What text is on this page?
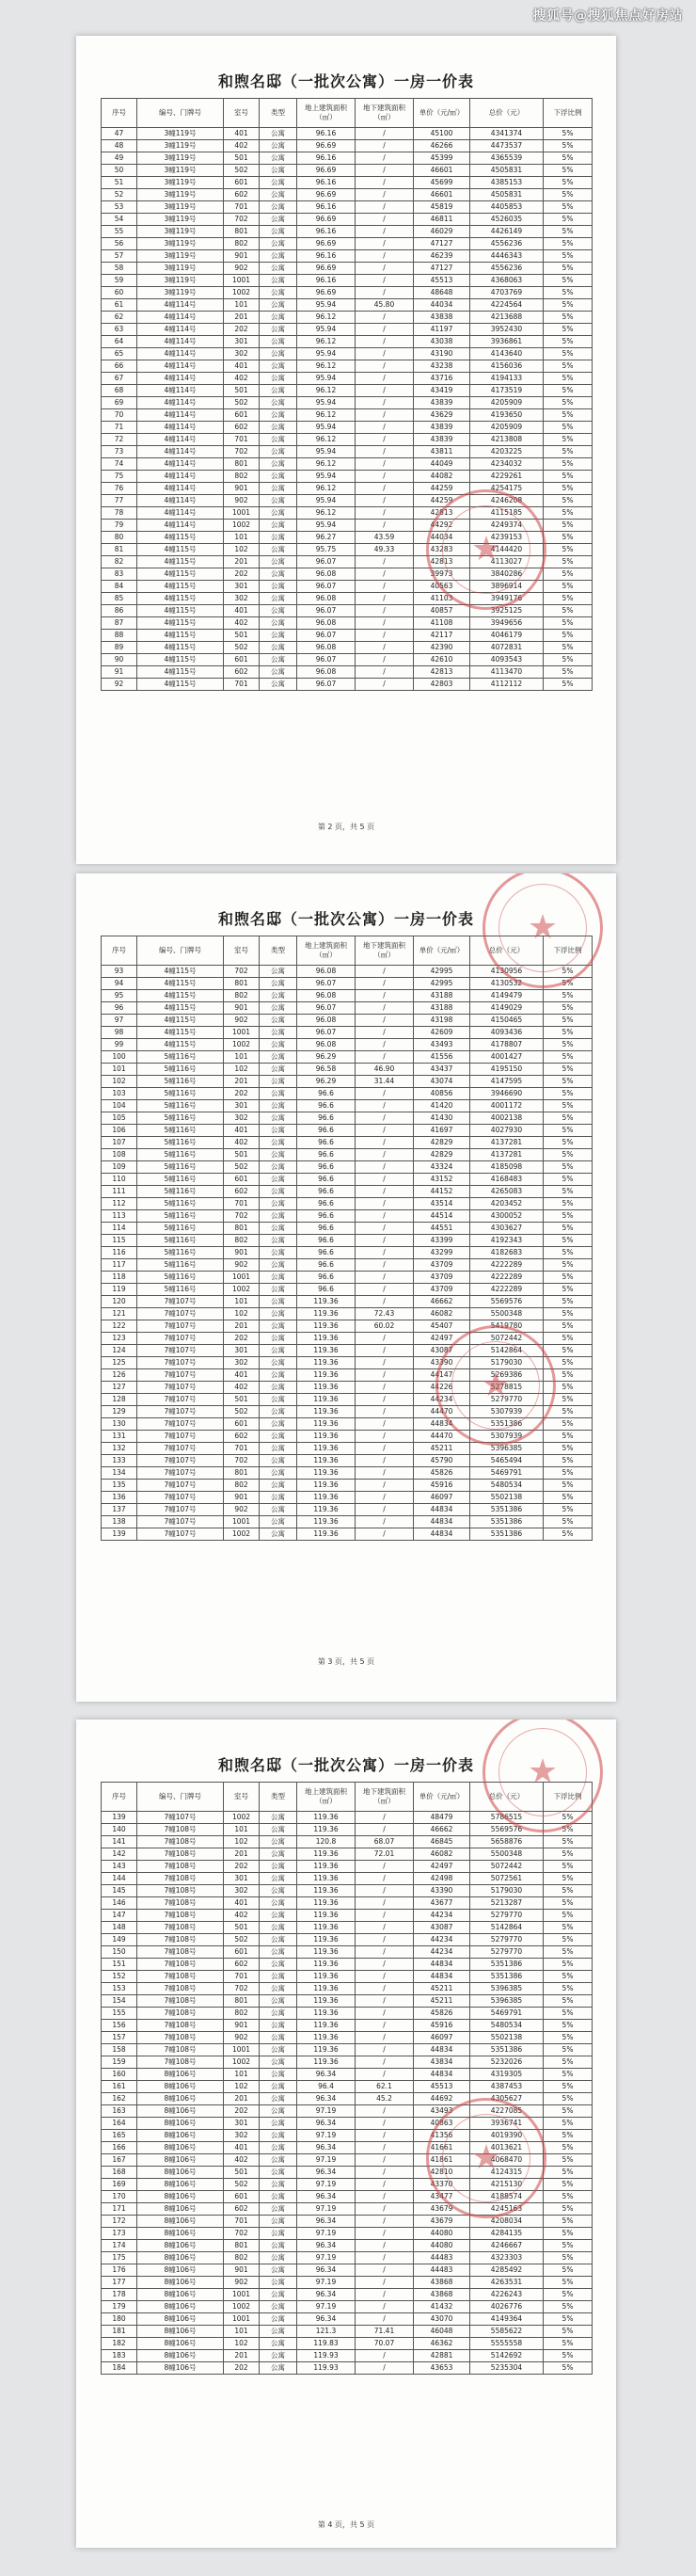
搜狐号@搜狐焦点好房站
和煦名邸（一批次公寓）一房一价表
序号	编号、门牌号	室号	类型	地上建筑面积（㎡）	地下建筑面积（㎡）	单价（元/㎡）	总价（元）	下浮比例
47	3幢119号	401	公寓	96.16	/	45100	4341374	5%
48	3幢119号	402	公寓	96.69	/	46266	4473537	5%
49	3幢119号	501	公寓	96.16	/	45399	4365539	5%
50	3幢119号	502	公寓	96.69	/	46601	4505831	5%
51	3幢119号	601	公寓	96.16	/	45699	4385153	5%
52	3幢119号	602	公寓	96.69	/	46601	4505831	5%
53	3幢119号	701	公寓	96.16	/	45819	4405853	5%
54	3幢119号	702	公寓	96.69	/	46811	4526035	5%
55	3幢119号	801	公寓	96.16	/	46029	4426149	5%
56	3幢119号	802	公寓	96.69	/	47127	4556236	5%
57	3幢119号	901	公寓	96.16	/	46239	4446343	5%
58	3幢119号	902	公寓	96.69	/	47127	4556236	5%
59	3幢119号	1001	公寓	96.16	/	45513	4368063	5%
60	3幢119号	1002	公寓	96.69	/	48648	4703769	5%
61	4幢114号	101	公寓	95.94	45.80	44034	4224564	5%
62	4幢114号	201	公寓	96.12	/	43838	4213688	5%
63	4幢114号	202	公寓	95.94	/	41197	3952430	5%
64	4幢114号	301	公寓	96.12	/	43038	3936861	5%
65	4幢114号	302	公寓	95.94	/	43190	4143640	5%
66	4幢114号	401	公寓	96.12	/	43238	4156036	5%
67	4幢114号	402	公寓	95.94	/	43716	4194133	5%
68	4幢114号	501	公寓	96.12	/	43419	4173519	5%
69	4幢114号	502	公寓	95.94	/	43839	4205909	5%
70	4幢114号	601	公寓	96.12	/	43629	4193650	5%
71	4幢114号	602	公寓	95.94	/	43839	4205909	5%
72	4幢114号	701	公寓	96.12	/	43839	4213808	5%
73	4幢114号	702	公寓	95.94	/	43811	4203225	5%
74	4幢114号	801	公寓	96.12	/	44049	4234032	5%
75	4幢114号	802	公寓	95.94	/	44082	4229261	5%
76	4幢114号	901	公寓	96.12	/	44259	4254175	5%
77	4幢114号	902	公寓	95.94	/	44259	4246208	5%
78	4幢114号	1001	公寓	96.12	/	42813	4115185	5%
79	4幢114号	1002	公寓	95.94	/	44292	4249374	5%
80	4幢115号	101	公寓	96.27	43.59	44034	4239153	5%
81	4幢115号	102	公寓	95.75	49.33	43283	4144420	5%
82	4幢115号	201	公寓	96.07	/	42813	4113027	5%
83	4幢115号	202	公寓	96.08	/	39973	3840286	5%
84	4幢115号	301	公寓	96.07	/	40563	3896914	5%
85	4幢115号	302	公寓	96.08	/	41103	3949176	5%
86	4幢115号	401	公寓	96.07	/	40857	3925125	5%
87	4幢115号	402	公寓	96.08	/	41108	3949656	5%
88	4幢115号	501	公寓	96.07	/	42117	4046179	5%
89	4幢115号	502	公寓	96.08	/	42390	4072831	5%
90	4幢115号	601	公寓	96.07	/	42610	4093543	5%
91	4幢115号	602	公寓	96.08	/	42813	4113470	5%
92	4幢115号	701	公寓	96.07	/	42803	4112112	5%
★
第 2 页，共 5 页
和煦名邸（一批次公寓）一房一价表
序号	编号、门牌号	室号	类型	地上建筑面积（㎡）	地下建筑面积（㎡）	单价（元/㎡）	总价（元）	下浮比例
93	4幢115号	702	公寓	96.08	/	42995	4130956	5%
94	4幢115号	801	公寓	96.07	/	42995	4130532	5%
95	4幢115号	802	公寓	96.08	/	43188	4149479	5%
96	4幢115号	901	公寓	96.07	/	43188	4149029	5%
97	4幢115号	902	公寓	96.08	/	43198	4150465	5%
98	4幢115号	1001	公寓	96.07	/	42609	4093436	5%
99	4幢115号	1002	公寓	96.08	/	43493	4178807	5%
100	5幢116号	101	公寓	96.29	/	41556	4001427	5%
101	5幢116号	102	公寓	96.58	46.90	43437	4195150	5%
102	5幢116号	201	公寓	96.29	31.44	43074	4147595	5%
103	5幢116号	202	公寓	96.6	/	40856	3946690	5%
104	5幢116号	301	公寓	96.6	/	41420	4001172	5%
105	5幢116号	302	公寓	96.6	/	41430	4002138	5%
106	5幢116号	401	公寓	96.6	/	41697	4027930	5%
107	5幢116号	402	公寓	96.6	/	42829	4137281	5%
108	5幢116号	501	公寓	96.6	/	42829	4137281	5%
109	5幢116号	502	公寓	96.6	/	43324	4185098	5%
110	5幢116号	601	公寓	96.6	/	43152	4168483	5%
111	5幢116号	602	公寓	96.6	/	44152	4265083	5%
112	5幢116号	701	公寓	96.6	/	43514	4203452	5%
113	5幢116号	702	公寓	96.6	/	44514	4300052	5%
114	5幢116号	801	公寓	96.6	/	44551	4303627	5%
115	5幢116号	802	公寓	96.6	/	43399	4192343	5%
116	5幢116号	901	公寓	96.6	/	43299	4182683	5%
117	5幢116号	902	公寓	96.6	/	43709	4222289	5%
118	5幢116号	1001	公寓	96.6	/	43709	4222289	5%
119	5幢116号	1002	公寓	96.6	/	43709	4222289	5%
120	7幢107号	101	公寓	119.36	/	46662	5569576	5%
121	7幢107号	102	公寓	119.36	72.43	46082	5500348	5%
122	7幢107号	201	公寓	119.36	60.02	45407	5419780	5%
123	7幢107号	202	公寓	119.36	/	42497	5072442	5%
124	7幢107号	301	公寓	119.36	/	43087	5142864	5%
125	7幢107号	302	公寓	119.36	/	43390	5179030	5%
126	7幢107号	401	公寓	119.36	/	44147	5269386	5%
127	7幢107号	402	公寓	119.36	/	44226	5278815	5%
128	7幢107号	501	公寓	119.36	/	44234	5279770	5%
129	7幢107号	502	公寓	119.36	/	44470	5307939	5%
130	7幢107号	601	公寓	119.36	/	44834	5351386	5%
131	7幢107号	602	公寓	119.36	/	44470	5307939	5%
132	7幢107号	701	公寓	119.36	/	45211	5396385	5%
133	7幢107号	702	公寓	119.36	/	45790	5465494	5%
134	7幢107号	801	公寓	119.36	/	45826	5469791	5%
135	7幢107号	802	公寓	119.36	/	45916	5480534	5%
136	7幢107号	901	公寓	119.36	/	46097	5502138	5%
137	7幢107号	902	公寓	119.36	/	44834	5351386	5%
138	7幢107号	1001	公寓	119.36	/	44834	5351386	5%
139	7幢107号	1002	公寓	119.36	/	44834	5351386	5%
★
★
第 3 页，共 5 页
和煦名邸（一批次公寓）一房一价表
序号	编号、门牌号	室号	类型	地上建筑面积（㎡）	地下建筑面积（㎡）	单价（元/㎡）	总价（元）	下浮比例
139	7幢107号	1002	公寓	119.36	/	48479	5786515	5%
140	7幢108号	101	公寓	119.36	/	46662	5569576	5%
141	7幢108号	102	公寓	120.8	68.07	46845	5658876	5%
142	7幢108号	201	公寓	119.36	72.01	46082	5500348	5%
143	7幢108号	202	公寓	119.36	/	42497	5072442	5%
144	7幢108号	301	公寓	119.36	/	42498	5072561	5%
145	7幢108号	302	公寓	119.36	/	43390	5179030	5%
146	7幢108号	401	公寓	119.36	/	43677	5213287	5%
147	7幢108号	402	公寓	119.36	/	44234	5279770	5%
148	7幢108号	501	公寓	119.36	/	43087	5142864	5%
149	7幢108号	502	公寓	119.36	/	44234	5279770	5%
150	7幢108号	601	公寓	119.36	/	44234	5279770	5%
151	7幢108号	602	公寓	119.36	/	44834	5351386	5%
152	7幢108号	701	公寓	119.36	/	44834	5351386	5%
153	7幢108号	702	公寓	119.36	/	45211	5396385	5%
154	7幢108号	801	公寓	119.36	/	45211	5396385	5%
155	7幢108号	802	公寓	119.36	/	45826	5469791	5%
156	7幢108号	901	公寓	119.36	/	45916	5480534	5%
157	7幢108号	902	公寓	119.36	/	46097	5502138	5%
158	7幢108号	1001	公寓	119.36	/	44834	5351386	5%
159	7幢108号	1002	公寓	119.36	/	43834	5232026	5%
160	8幢106号	101	公寓	96.34	/	44834	4319305	5%
161	8幢106号	102	公寓	96.4	62.1	45513	4387453	5%
162	8幢106号	201	公寓	96.34	45.2	44692	4305627	5%
163	8幢106号	202	公寓	97.19	/	43493	4227085	5%
164	8幢106号	301	公寓	96.34	/	40863	3936741	5%
165	8幢106号	302	公寓	97.19	/	41356	4019390	5%
166	8幢106号	401	公寓	96.34	/	41661	4013621	5%
167	8幢106号	402	公寓	97.19	/	41861	4068470	5%
168	8幢106号	501	公寓	96.34	/	42810	4124315	5%
169	8幢106号	502	公寓	97.19	/	43370	4215130	5%
170	8幢106号	601	公寓	96.34	/	43477	4188574	5%
171	8幢106号	602	公寓	97.19	/	43679	4245163	5%
172	8幢106号	701	公寓	96.34	/	43679	4208034	5%
173	8幢106号	702	公寓	97.19	/	44080	4284135	5%
174	8幢106号	801	公寓	96.34	/	44080	4246667	5%
175	8幢106号	802	公寓	97.19	/	44483	4323303	5%
176	8幢106号	901	公寓	96.34	/	44483	4285492	5%
177	8幢106号	902	公寓	97.19	/	43868	4263531	5%
178	8幢106号	1001	公寓	96.34	/	43868	4226243	5%
179	8幢106号	1002	公寓	97.19	/	41432	4026776	5%
180	8幢106号	1001	公寓	96.34	/	43070	4149364	5%
181	8幢106号	101	公寓	121.3	71.41	46048	5585622	5%
182	8幢106号	102	公寓	119.83	70.07	46362	5555558	5%
183	8幢106号	201	公寓	119.93	/	42881	5142692	5%
184	8幢106号	202	公寓	119.93	/	43653	5235304	5%
★
★
第 4 页，共 5 页
